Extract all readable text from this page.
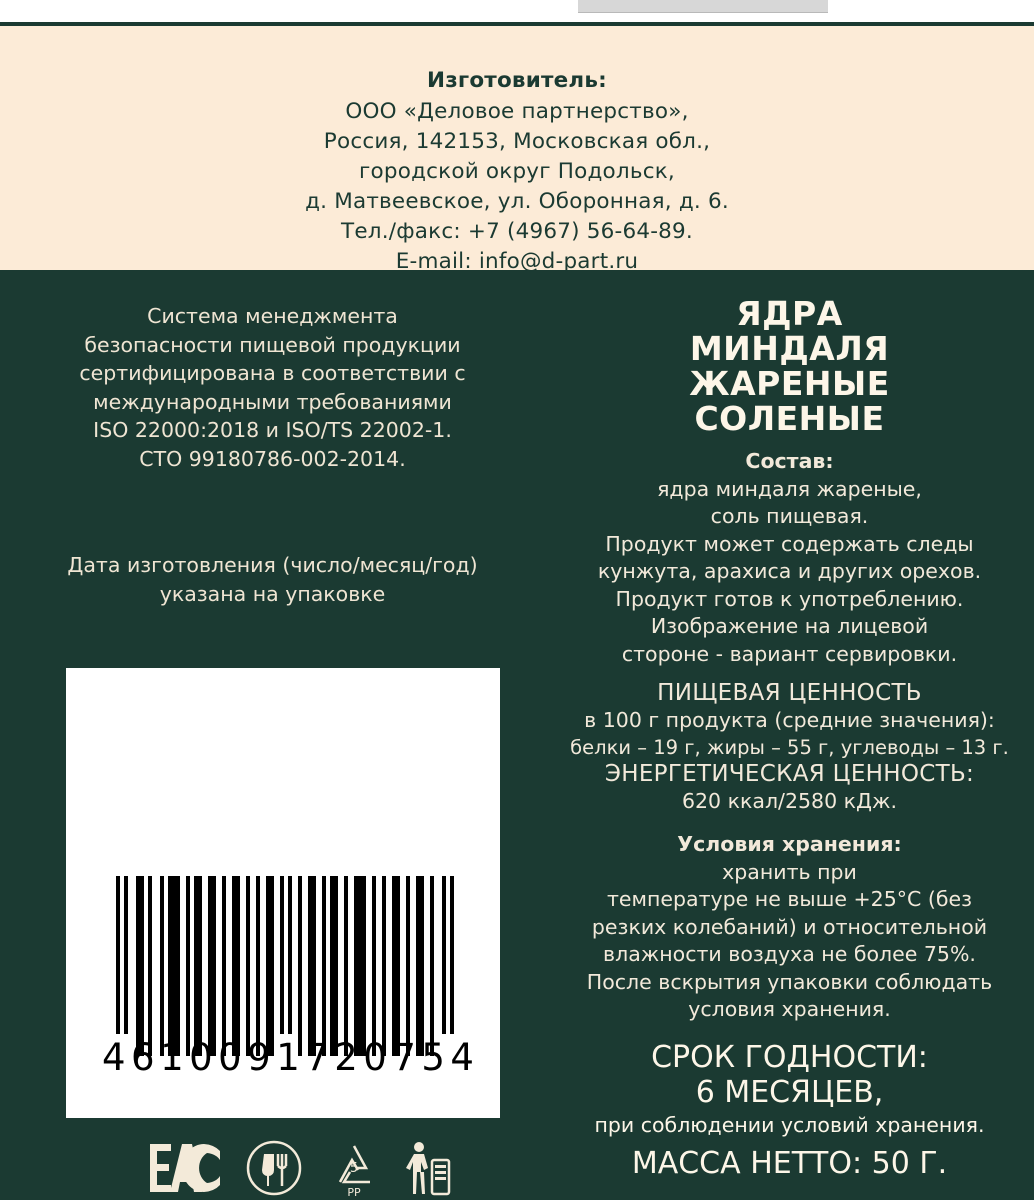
Изготовитель:
ООО «Деловое партнерство»,
Россия, 142153, Московская обл.,
городской округ Подольск,
д. Матвеевское, ул. Оборонная, д. 6.
Тел./факс: +7 (4967) 56-64-89.
E-mail: info@d-part.ru
Система менеджмента
безопасности пищевой продукции
сертифицирована в соответствии с
международными требованиями
ISO 22000:2018 и ISO/TS 22002-1.
СТО 99180786-002-2014.
Дата изготовления (число/месяц/год)
указана на упаковке
4 6 1 0 0 9 1 7 2 0 7 5 4
5
PP
ЯДРА
МИНДАЛЯ
ЖАРЕНЫЕ
СОЛЕНЫЕ
Состав:
ядра миндаля жареные,
соль пищевая.
Продукт может содержать следы
кунжута, арахиса и других орехов.
Продукт готов к употреблению.
Изображение на лицевой
стороне - вариант сервировки.
ПИЩЕВАЯ ЦЕННОСТЬ
в 100 г продукта (средние значения):
белки – 19 г, жиры – 55 г, углеводы – 13 г.
ЭНЕРГЕТИЧЕСКАЯ ЦЕННОСТЬ:
620 ккал/2580 кДж.
Условия хранения:
хранить при
температуре не выше +25°С (без
резких колебаний) и относительной
влажности воздуха не более 75%.
После вскрытия упаковки соблюдать
условия хранения.
СРОК ГОДНОСТИ:
6 МЕСЯЦЕВ,
при соблюдении условий хранения.
МАССА НЕТТО: 50 Г.
